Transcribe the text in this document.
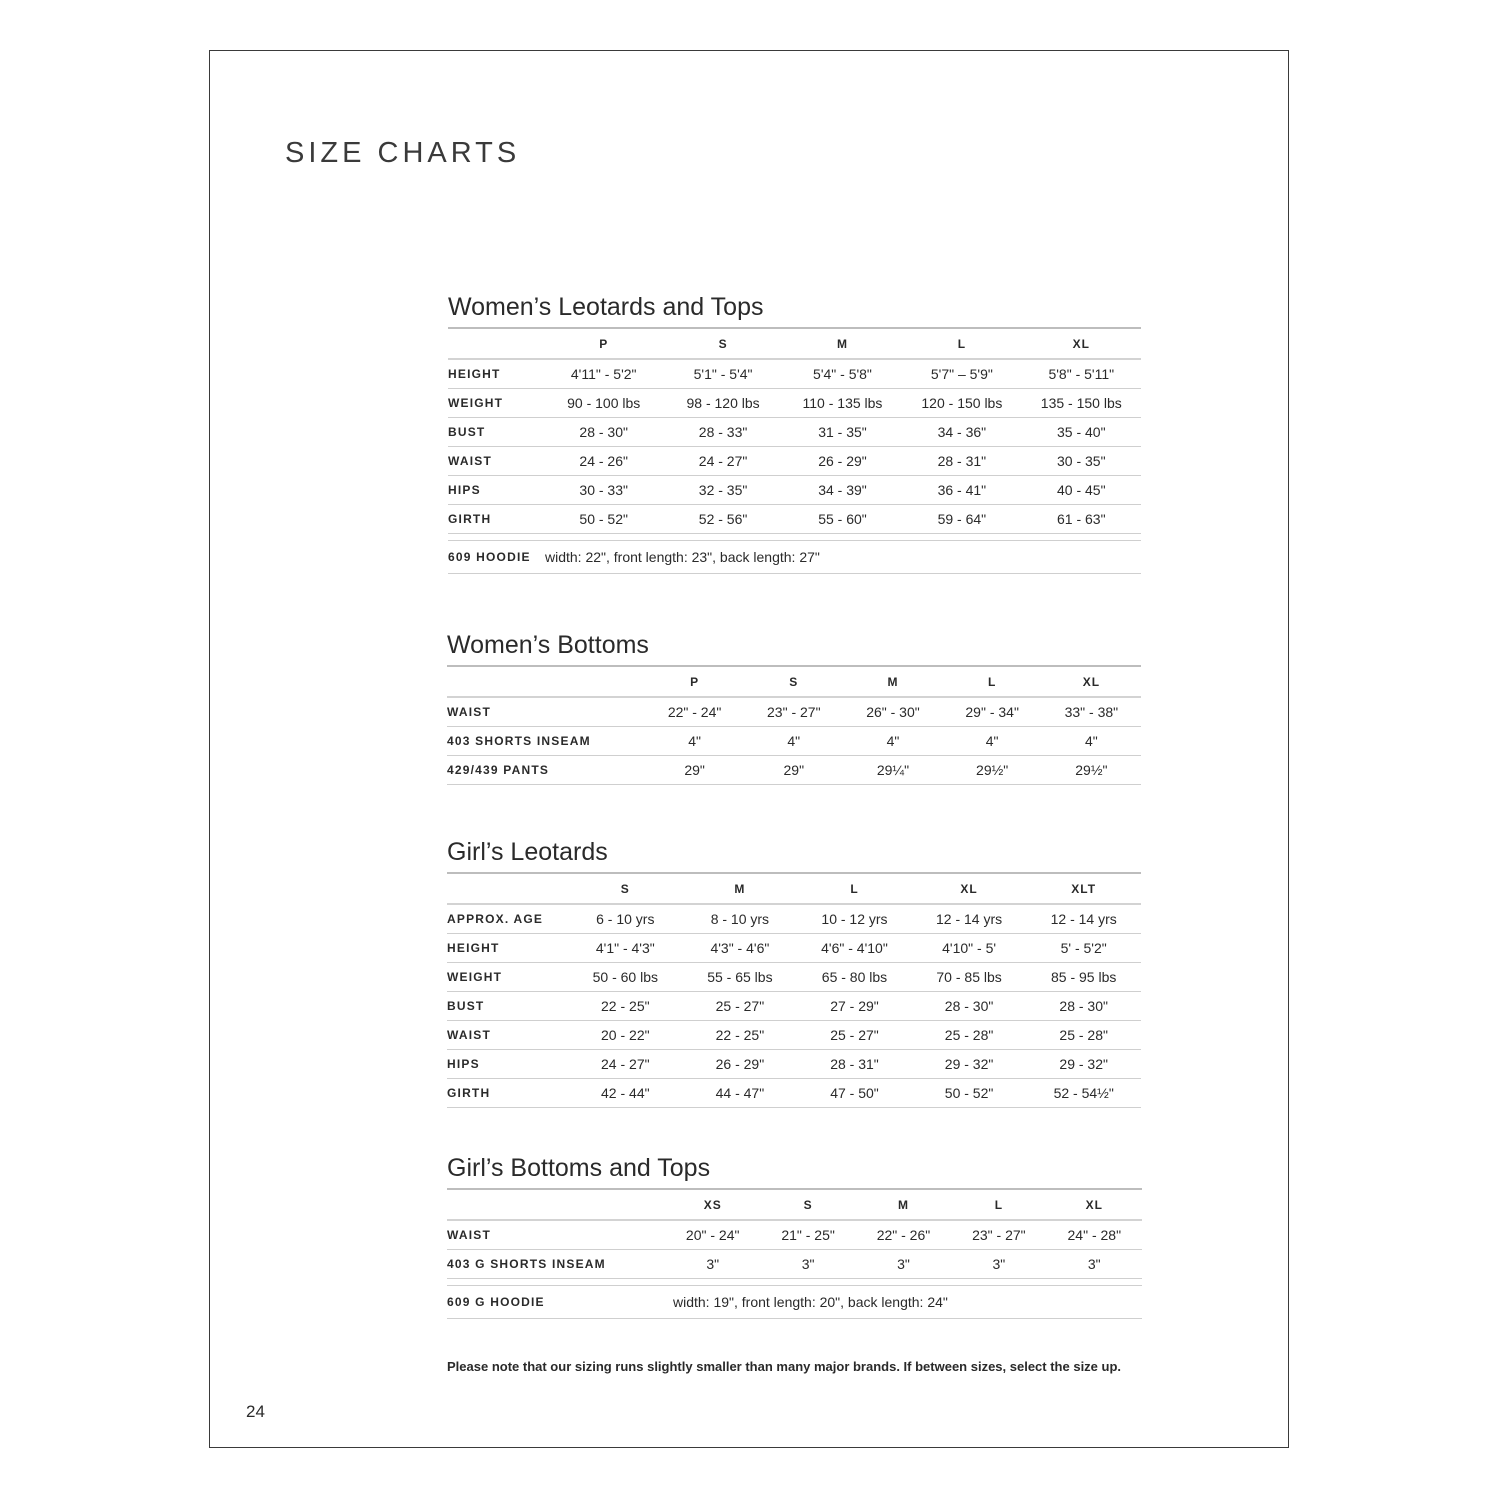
SIZE CHARTS
Women’s Leotards and Tops
	P	S	M	L	XL
HEIGHT	4'11" - 5'2"	5'1" - 5'4"	5'4" - 5'8"	5'7" – 5'9"	5'8" - 5'11"
WEIGHT	90 - 100 lbs	98 - 120 lbs	110 - 135 lbs	120 - 150 lbs	135 - 150 lbs
BUST	28 - 30"	28 - 33"	31 - 35"	34 - 36"	35 - 40"
WAIST	24 - 26"	24 - 27"	26 - 29"	28 - 31"	30 - 35"
HIPS	30 - 33"	32 - 35"	34 - 39"	36 - 41"	40 - 45"
GIRTH	50 - 52"	52 - 56"	55 - 60"	59 - 64"	61 - 63"

609 HOODIE	width: 22", front length: 23", back length: 27"
Women’s Bottoms
	P	S	M	L	XL
WAIST	22" - 24"	23" - 27"	26" - 30"	29" - 34"	33" - 38"
403 SHORTS INSEAM	4"	4"	4"	4"	4"
429/439 PANTS	29"	29"	29¼"	29½"	29½"
Girl’s Leotards
	S	M	L	XL	XLT
APPROX. AGE	6 - 10 yrs	8 - 10 yrs	10 - 12 yrs	12 - 14 yrs	12 - 14 yrs
HEIGHT	4'1" - 4'3"	4'3" - 4'6"	4'6" - 4'10"	4'10" - 5'	5' - 5'2"
WEIGHT	50 - 60 lbs	55 - 65 lbs	65 - 80 lbs	70 - 85 lbs	85 - 95 lbs
BUST	22 - 25"	25 - 27"	27 - 29"	28 - 30"	28 - 30"
WAIST	20 - 22"	22 - 25"	25 - 27"	25 - 28"	25 - 28"
HIPS	24 - 27"	26 - 29"	28 - 31"	29 - 32"	29 - 32"
GIRTH	42 - 44"	44 - 47"	47 - 50"	50 - 52"	52 - 54½"
Girl’s Bottoms and Tops
	XS	S	M	L	XL
WAIST	20" - 24"	21" - 25"	22" - 26"	23" - 27"	24" - 28"
403 G SHORTS INSEAM	3"	3"	3"	3"	3"

609 G HOODIE	width: 19", front length: 20", back length: 24"
Please note that our sizing runs slightly smaller than many major brands. If between sizes, select the size up.
24
